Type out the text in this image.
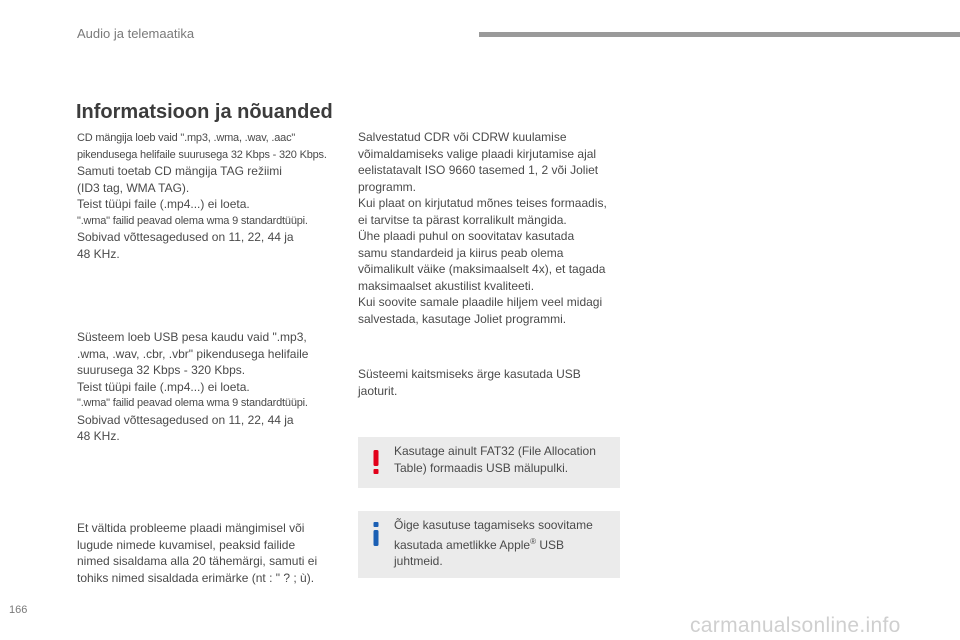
Audio ja telemaatika
Informatsioon ja nõuanded

CD mängija loeb vaid ".mp3, .wma, .wav, .aac"

pikendusega helifaile suurusega 32 Kbps - 320 Kbps.

Samuti toetab CD mängija TAG režiimi

(ID3 tag, WMA TAG).

Teist tüüpi faile (.mp4...) ei loeta.

".wma" failid peavad olema wma 9 standardtüüpi.

Sobivad võttesagedused on 11, 22, 44 ja

48 KHz.

Süsteem loeb USB pesa kaudu vaid ".mp3,

.wma, .wav, .cbr, .vbr" pikendusega helifaile

suurusega 32 Kbps - 320 Kbps.

Teist tüüpi faile (.mp4...) ei loeta.

".wma" failid peavad olema wma 9 standardtüüpi.

Sobivad võttesagedused on 11, 22, 44 ja

48 KHz.

Et vältida probleeme plaadi mängimisel või

lugude nimede kuvamisel, peaksid failide

nimed sisaldama alla 20 tähemärgi, samuti ei

tohiks nimed sisaldada erimärke (nt : " ? ; ù).

Salvestatud CDR või CDRW kuulamise

võimaldamiseks valige plaadi kirjutamise ajal

eelistatavalt ISO 9660 tasemed 1, 2 või Joliet

programm.

Kui plaat on kirjutatud mõnes teises formaadis,

ei tarvitse ta pärast korralikult mängida.

Ühe plaadi puhul on soovitatav kasutada

samu standardeid ja kiirus peab olema

võimalikult väike (maksimaalselt 4x), et tagada

maksimaalset akustilist kvaliteeti.

Kui soovite samale plaadile hiljem veel midagi

salvestada, kasutage Joliet programmi.

Süsteemi kaitsmiseks ärge kasutada USB

jaoturit.

Kasutage ainult FAT32 (File Allocation
Table) formaadis USB mälupulki.
Õige kasutuse tagamiseks soovitame
kasutada ametlikke Apple® USB
juhtmeid.
166
carmanualsonline.info
